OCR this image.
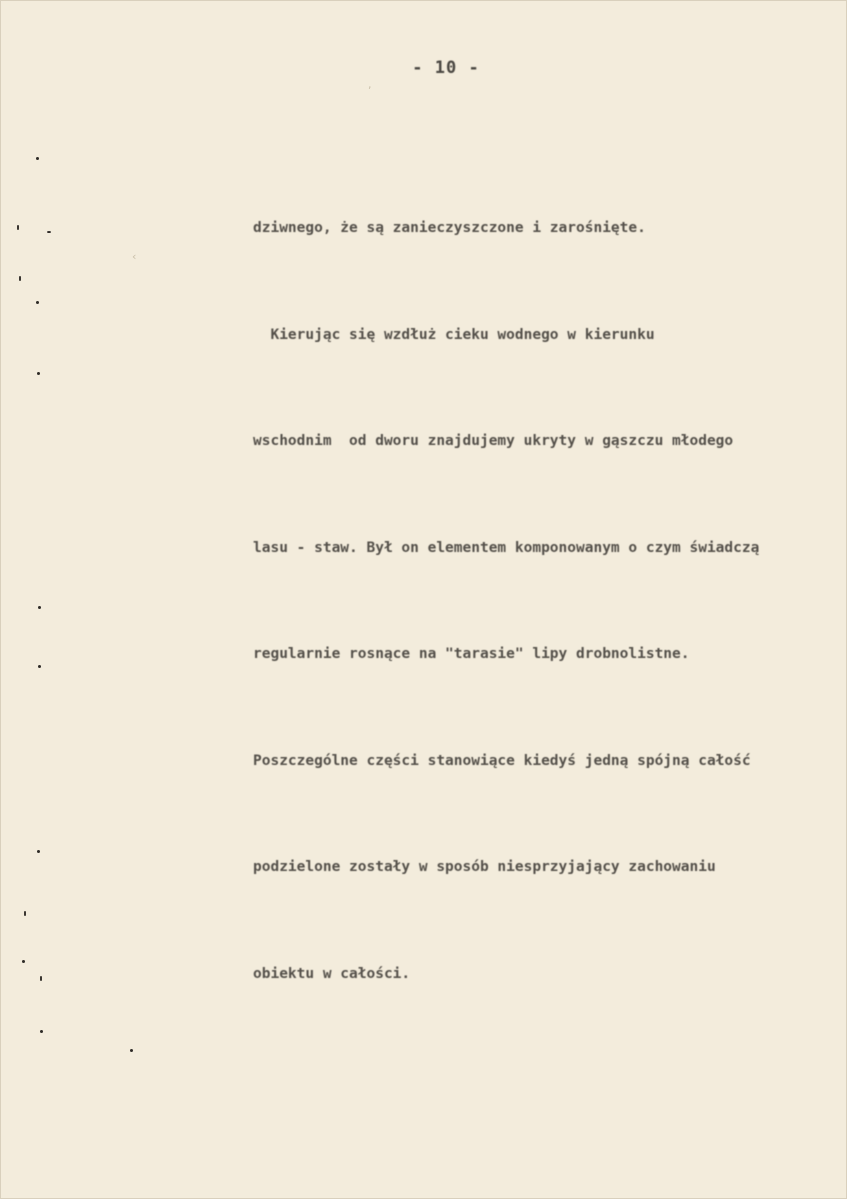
- 10 -

dziwnego, że są zanieczyszczone i zarośnięte.

Kierując się wzdłuż cieku wodnego w kierunku

wschodnim  od dworu znajdujemy ukryty w gąszczu młodego

lasu - staw. Był on elementem komponowanym o czym świadczą

regularnie rosnące na "tarasie" lipy drobnolistne.

Poszczególne części stanowiące kiedyś jedną spójną całość

podzielone zostały w sposób niesprzyjający zachowaniu

obiektu w całości.

‹
,
